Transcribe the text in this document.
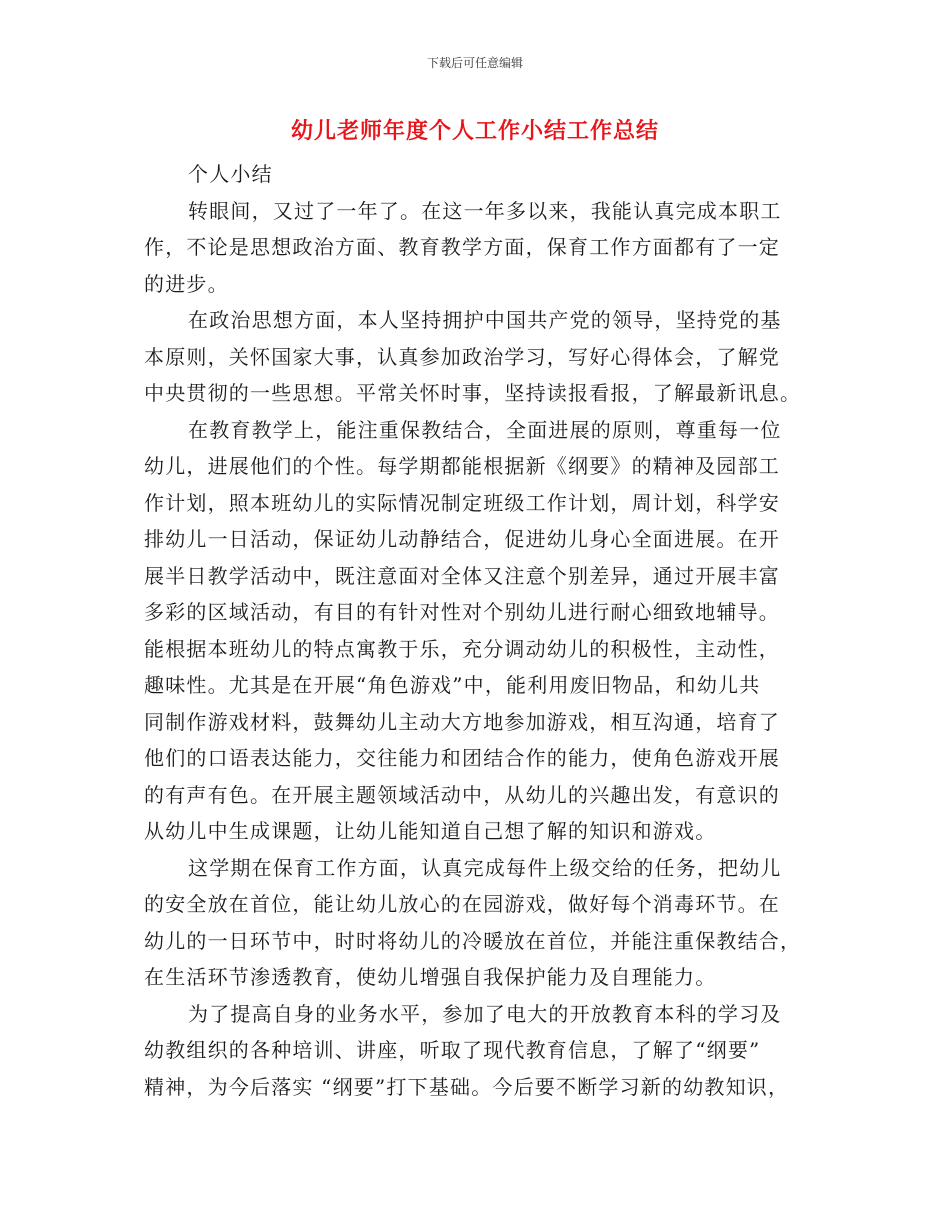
下载后可任意编辑
幼儿老师年度个人工作小结工作总结
个人小结
转眼间，又过了一年了。在这一年多以来，我能认真完成本职工
作，不论是思想政治方面、教育教学方面，保育工作方面都有了一定
的进步。
在政治思想方面，本人坚持拥护中国共产党的领导，坚持党的基
本原则，关怀国家大事，认真参加政治学习，写好心得体会，了解党
中央贯彻的一些思想。平常关怀时事，坚持读报看报，了解最新讯息。
在教育教学上，能注重保教结合，全面进展的原则，尊重每一位
幼儿，进展他们的个性。每学期都能根据新《纲要》的精神及园部工
作计划，照本班幼儿的实际情况制定班级工作计划，周计划，科学安
排幼儿一日活动，保证幼儿动静结合，促进幼儿身心全面进展。在开
展半日教学活动中，既注意面对全体又注意个别差异，通过开展丰富
多彩的区域活动，有目的有针对性对个别幼儿进行耐心细致地辅导。
能根据本班幼儿的特点寓教于乐，充分调动幼儿的积极性，主动性，
趣味性。尤其是在开展“角色游戏”中，能利用废旧物品，和幼儿共
同制作游戏材料，鼓舞幼儿主动大方地参加游戏，相互沟通，培育了
他们的口语表达能力，交往能力和团结合作的能力，使角色游戏开展
的有声有色。在开展主题领域活动中，从幼儿的兴趣出发，有意识的
从幼儿中生成课题，让幼儿能知道自己想了解的知识和游戏。
这学期在保育工作方面，认真完成每件上级交给的任务，把幼儿
的安全放在首位，能让幼儿放心的在园游戏，做好每个消毒环节。在
幼儿的一日环节中，时时将幼儿的冷暖放在首位，并能注重保教结合，
在生活环节渗透教育，使幼儿增强自我保护能力及自理能力。
为了提高自身的业务水平，参加了电大的开放教育本科的学习及
幼教组织的各种培训、讲座，听取了现代教育信息，了解了“纲要”
精神，为今后落实 “纲要”打下基础。今后要不断学习新的幼教知识，
